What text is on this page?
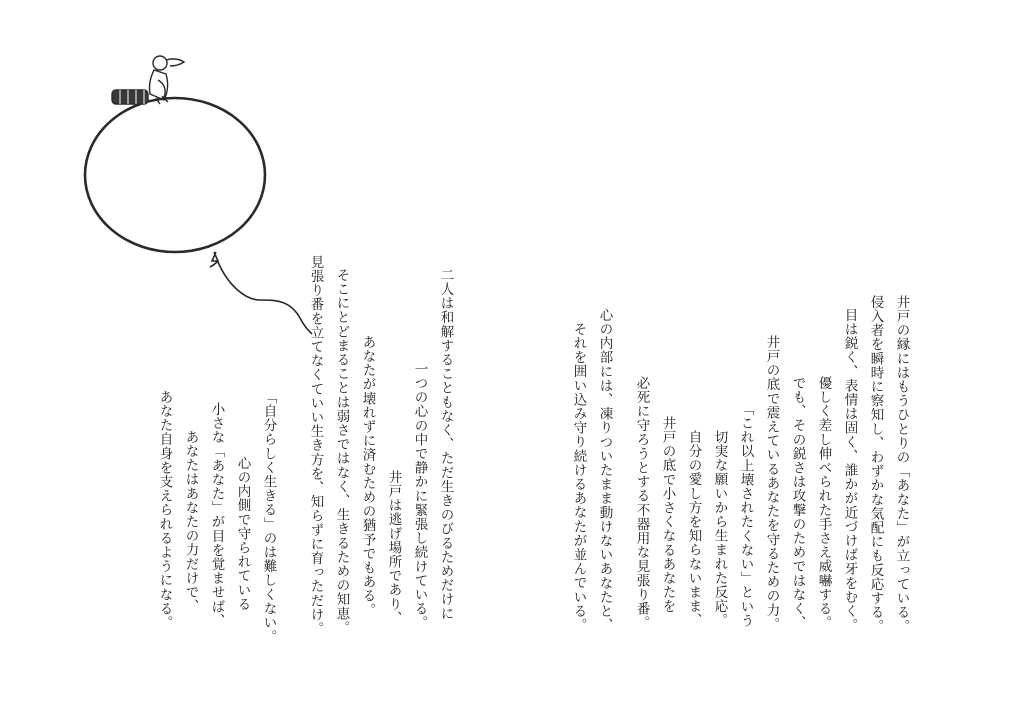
井戸の縁にはもうひとりの「あなた」が立っている。
侵入者を瞬時に察知し、わずかな気配にも反応する。
目は鋭く、表情は固く、誰かが近づけば牙をむく。
優しく差し伸べられた手さえ威嚇する。
でも、その鋭さは攻撃のためではなく、
井戸の底で震えているあなたを守るための力。
「これ以上壊されたくない」という
切実な願いから生まれた反応。
自分の愛し方を知らないまま、
井戸の底で小さくなるあなたを
必死に守ろうとする不器用な見張り番。
心の内部には、凍りついたまま動けないあなたと、
それを囲い込み守り続けるあなたが並んでいる。
二人は和解することもなく、ただ生きのびるためだけに
一つの心の中で静かに緊張し続けている。
井戸は逃げ場所であり、
あなたが壊れずに済むための猶予でもある。
そこにとどまることは弱さではなく、生きるための知恵。
見張り番を立てなくていい生き方を、知らずに育っただけ。
「自分らしく生きる」のは難しくない。
心の内側で守られている
小さな「あなた」が目を覚ませば、
あなたはあなたの力だけで、
あなた自身を支えられるようになる。
